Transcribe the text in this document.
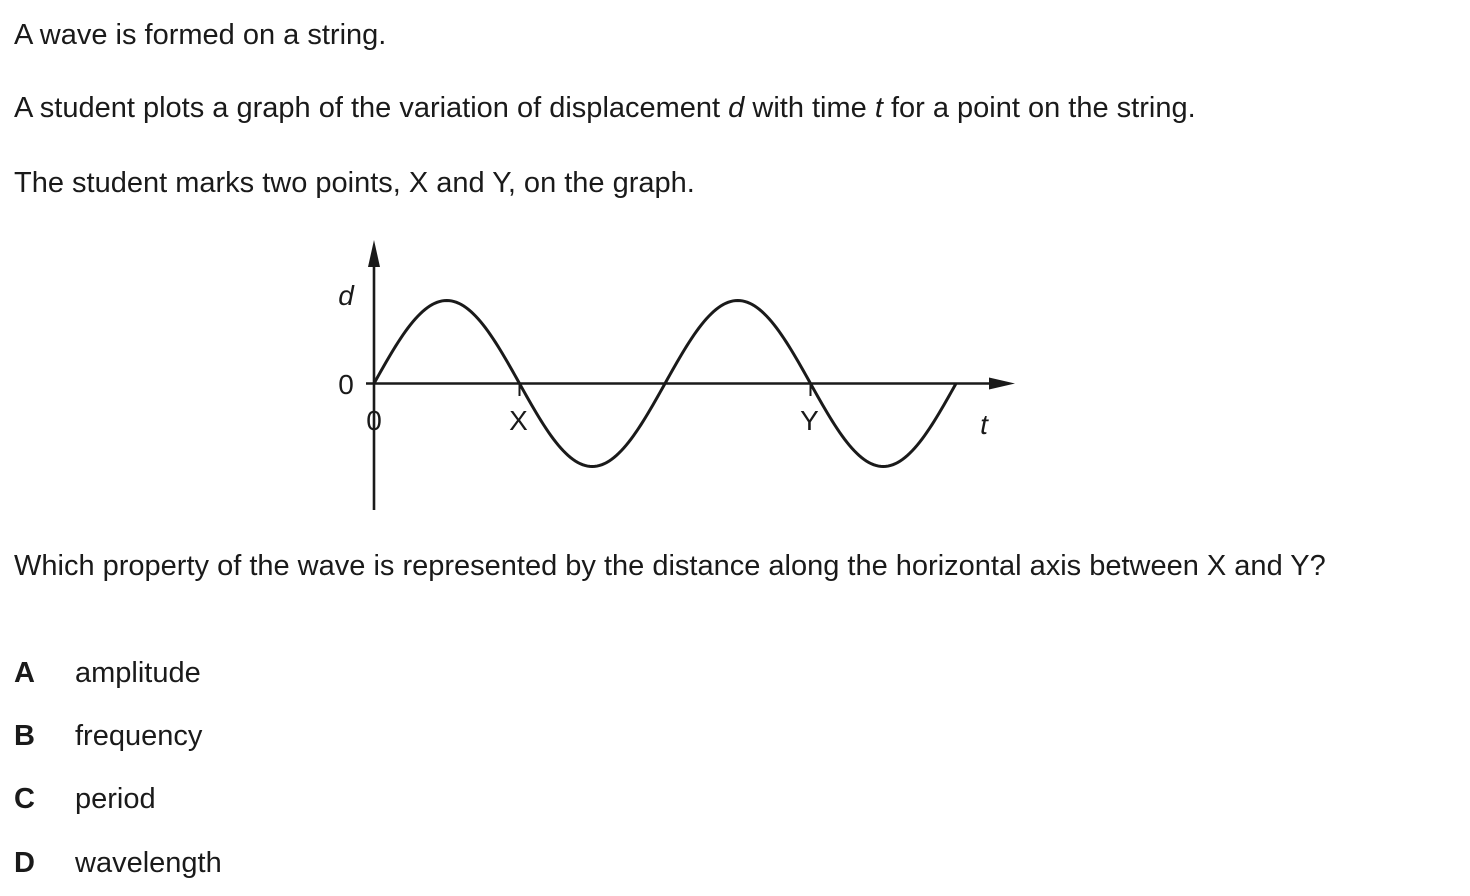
A wave is formed on a string.
A student plots a graph of the variation of displacement d with time t for a point on the string.
The student marks two points, X and Y, on the graph.
d
0
0	X	Y	t
Which property of the wave is represented by the distance along the horizontal axis between X and Y?
A amplitude
B frequency
C period
D wavelength
